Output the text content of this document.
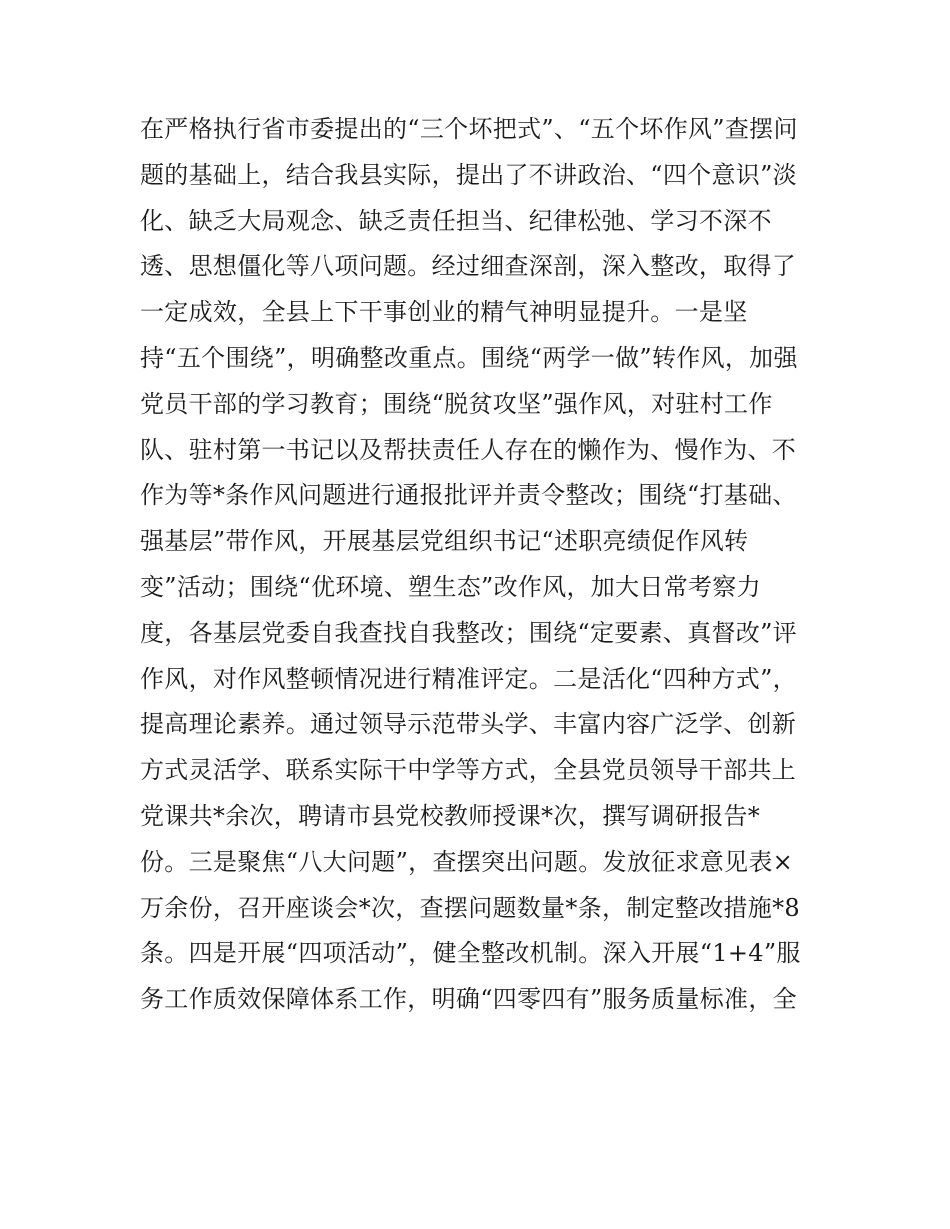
在严格执行省市委提出的“三个坏把式”、“五个坏作风”查摆问
题的基础上，结合我县实际，提出了不讲政治、“四个意识”淡
化、缺乏大局观念、缺乏责任担当、纪律松弛、学习不深不
透、思想僵化等八项问题。经过细查深剖，深入整改，取得了
一定成效，全县上下干事创业的精气神明显提升。一是坚
持“五个围绕”，明确整改重点。围绕“两学一做”转作风，加强
党员干部的学习教育；围绕“脱贫攻坚”强作风，对驻村工作
队、驻村第一书记以及帮扶责任人存在的懒作为、慢作为、不
作为等*条作风问题进行通报批评并责令整改；围绕“打基础、
强基层”带作风，开展基层党组织书记“述职亮绩促作风转
变”活动；围绕“优环境、塑生态”改作风，加大日常考察力
度，各基层党委自我查找自我整改；围绕“定要素、真督改”评
作风，对作风整顿情况进行精准评定。二是活化“四种方式”，
提高理论素养。通过领导示范带头学、丰富内容广泛学、创新
方式灵活学、联系实际干中学等方式，全县党员领导干部共上
党课共*余次，聘请市县党校教师授课*次，撰写调研报告*
份。三是聚焦“八大问题”，查摆突出问题。发放征求意见表×
万余份，召开座谈会*次，查摆问题数量*条，制定整改措施*8
条。四是开展“四项活动”，健全整改机制。深入开展“1+4”服
务工作质效保障体系工作，明确“四零四有”服务质量标准，全
